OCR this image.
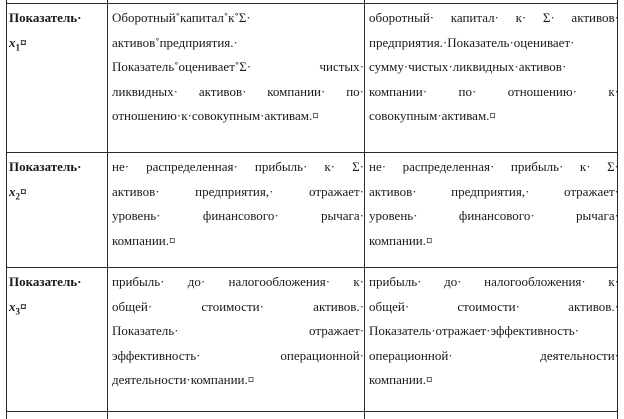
Показатель·
$x_1¤$
Оборотный˚капитал˚к˚Σ·
активов˚предприятия.·
Показатель˚оценивает˚Σ· чистых·
ликвидных· активов· компании· по·
отношению·к·совокупным·активам.¤
оборотный· капитал· к· Σ· активов·
предприятия.·Показатель·оценивает·
сумму·чистых·ликвидных·активов·
компании· по· отношению· к·
совокупным·активам.¤
Показатель·
$x_2¤$
не· распределенная· прибыль· к· Σ·
активов· предприятия,· отражает·
уровень· финансового· рычага·
компании.¤
не· распределенная· прибыль· к· Σ·
активов· предприятия,· отражает·
уровень· финансового· рычага·
компании.¤
Показатель·
$x_3¤$
прибыль· до· налогообложения· к·
общей· стоимости· активов.·
Показатель· отражает·
эффективность· операционной·
деятельности·компании.¤
прибыль· до· налогообложения· к·
общей· стоимости· активов.·
Показатель·отражает·эффективность·
операционной· деятельности·
компании.¤
